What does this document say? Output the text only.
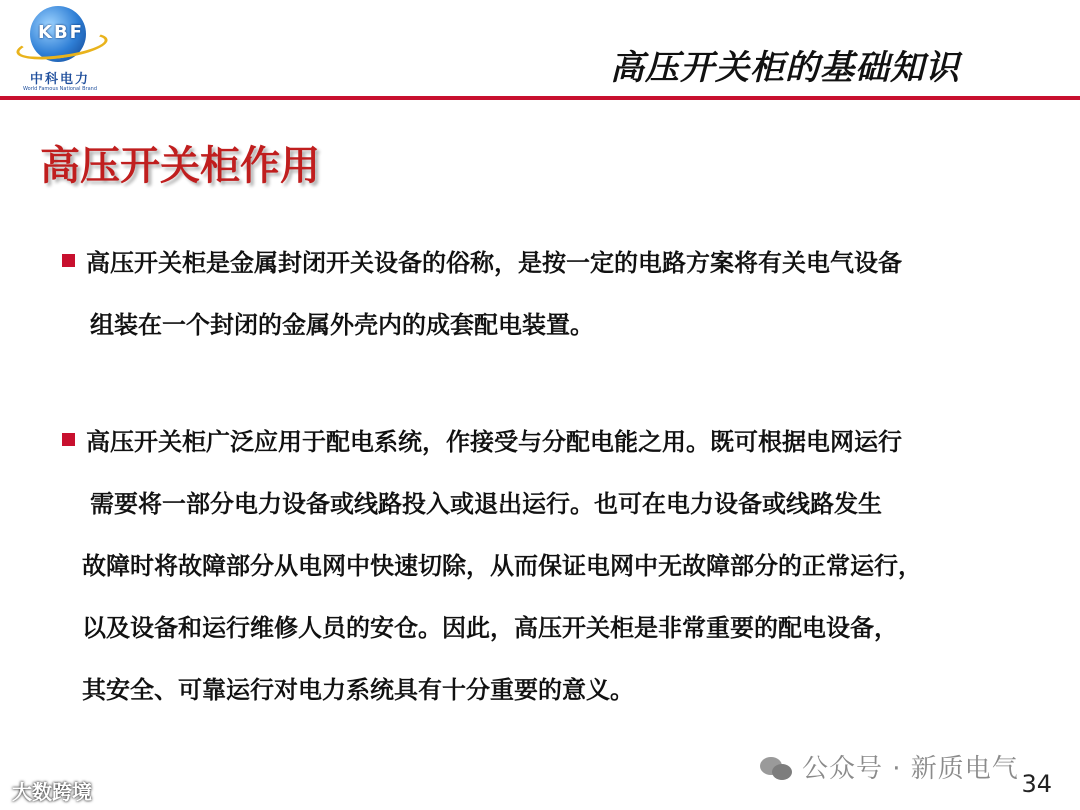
KBF
中科电力
World Famous National Brand
高压开关柜的基础知识
高压开关柜作用
高压开关柜是金属封闭开关设备的俗称，是按一定的电路方案将有关电气设备
组装在一个封闭的金属外壳内的成套配电装置。
高压开关柜广泛应用于配电系统，作接受与分配电能之用。既可根据电网运行
需要将一部分电力设备或线路投入或退出运行。也可在电力设备或线路发生
故障时将故障部分从电网中快速切除，从而保证电网中无故障部分的正常运行，
以及设备和运行维修人员的安仓。因此，高压开关柜是非常重要的配电设备，
其安全、可靠运行对电力系统具有十分重要的意义。
公众号 · 新质电气 34
大数跨境
